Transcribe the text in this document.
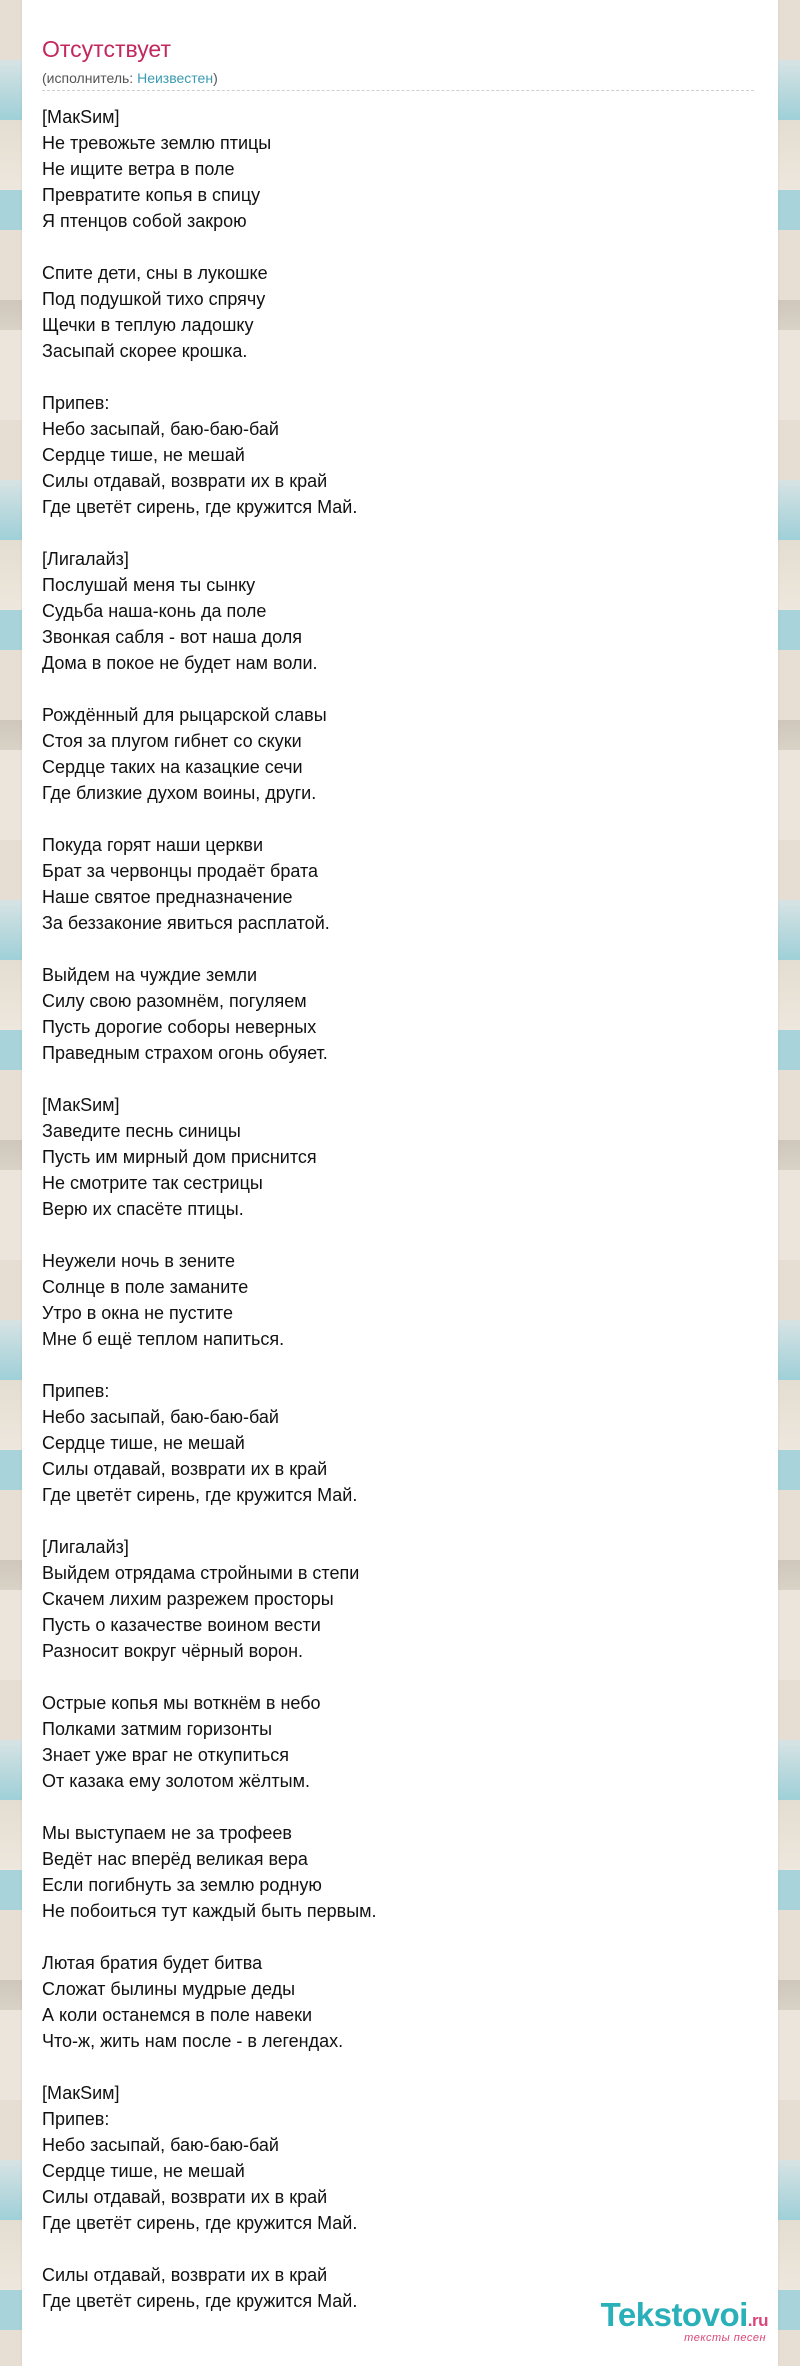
Отсутствует
(исполнитель: Неизвестен)
[МакSим]
Не тревожьте землю птицы
Не ищите ветра в поле
Превратите копья в спицу
Я птенцов собой закрою
Спите дети, сны в лукошке
Под подушкой тихо спрячу
Щечки в теплую ладошку
Засыпай скорее крошка.
Припев:
Небо засыпай, баю-баю-бай
Сердце тише, не мешай
Силы отдавай, возврати их в край
Где цветёт сирень, где кружится Май.
[Лигалайз]
Послушай меня ты сынку
Судьба наша-конь да поле
Звонкая сабля - вот наша доля
Дома в покое не будет нам воли.
Рождённый для рыцарской славы
Стоя за плугом гибнет со скуки
Сердце таких на казацкие сечи
Где близкие духом воины, други.
Покуда горят наши церкви
Брат за червонцы продаёт брата
Наше святое предназначение
За беззаконие явиться расплатой.
Выйдем на чуждие земли
Силу свою разомнём, погуляем
Пусть дорогие соборы неверных
Праведным страхом огонь обуяет.
[МакSим]
Заведите песнь синицы
Пусть им мирный дом приснится
Не смотрите так сестрицы
Верю их спасёте птицы.
Неужели ночь в зените
Солнце в поле заманите
Утро в окна не пустите
Мне б ещё теплом напиться.
Припев:
Небо засыпай, баю-баю-бай
Сердце тише, не мешай
Силы отдавай, возврати их в край
Где цветёт сирень, где кружится Май.
[Лигалайз]
Выйдем отрядама стройными в степи
Скачем лихим разрежем просторы
Пусть о казачестве воином вести
Разносит вокруг чёрный ворон.
Острые копья мы воткнём в небо
Полками затмим горизонты
Знает уже враг не откупиться
От казака ему золотом жёлтым.
Мы выступаем не за трофеев
Ведёт нас вперёд великая вера
Если погибнуть за землю родную
Не побоиться тут каждый быть первым.
Лютая братия будет битва
Сложат былины мудрые деды
А коли останемся в поле навеки
Что-ж, жить нам после - в легендах.
[МакSим]
Припев:
Небо засыпай, баю-баю-бай
Сердце тише, не мешай
Силы отдавай, возврати их в край
Где цветёт сирень, где кружится Май.
Силы отдавай, возврати их в край
Где цветёт сирень, где кружится Май.	Tekstovoi.ru
тексты песен
